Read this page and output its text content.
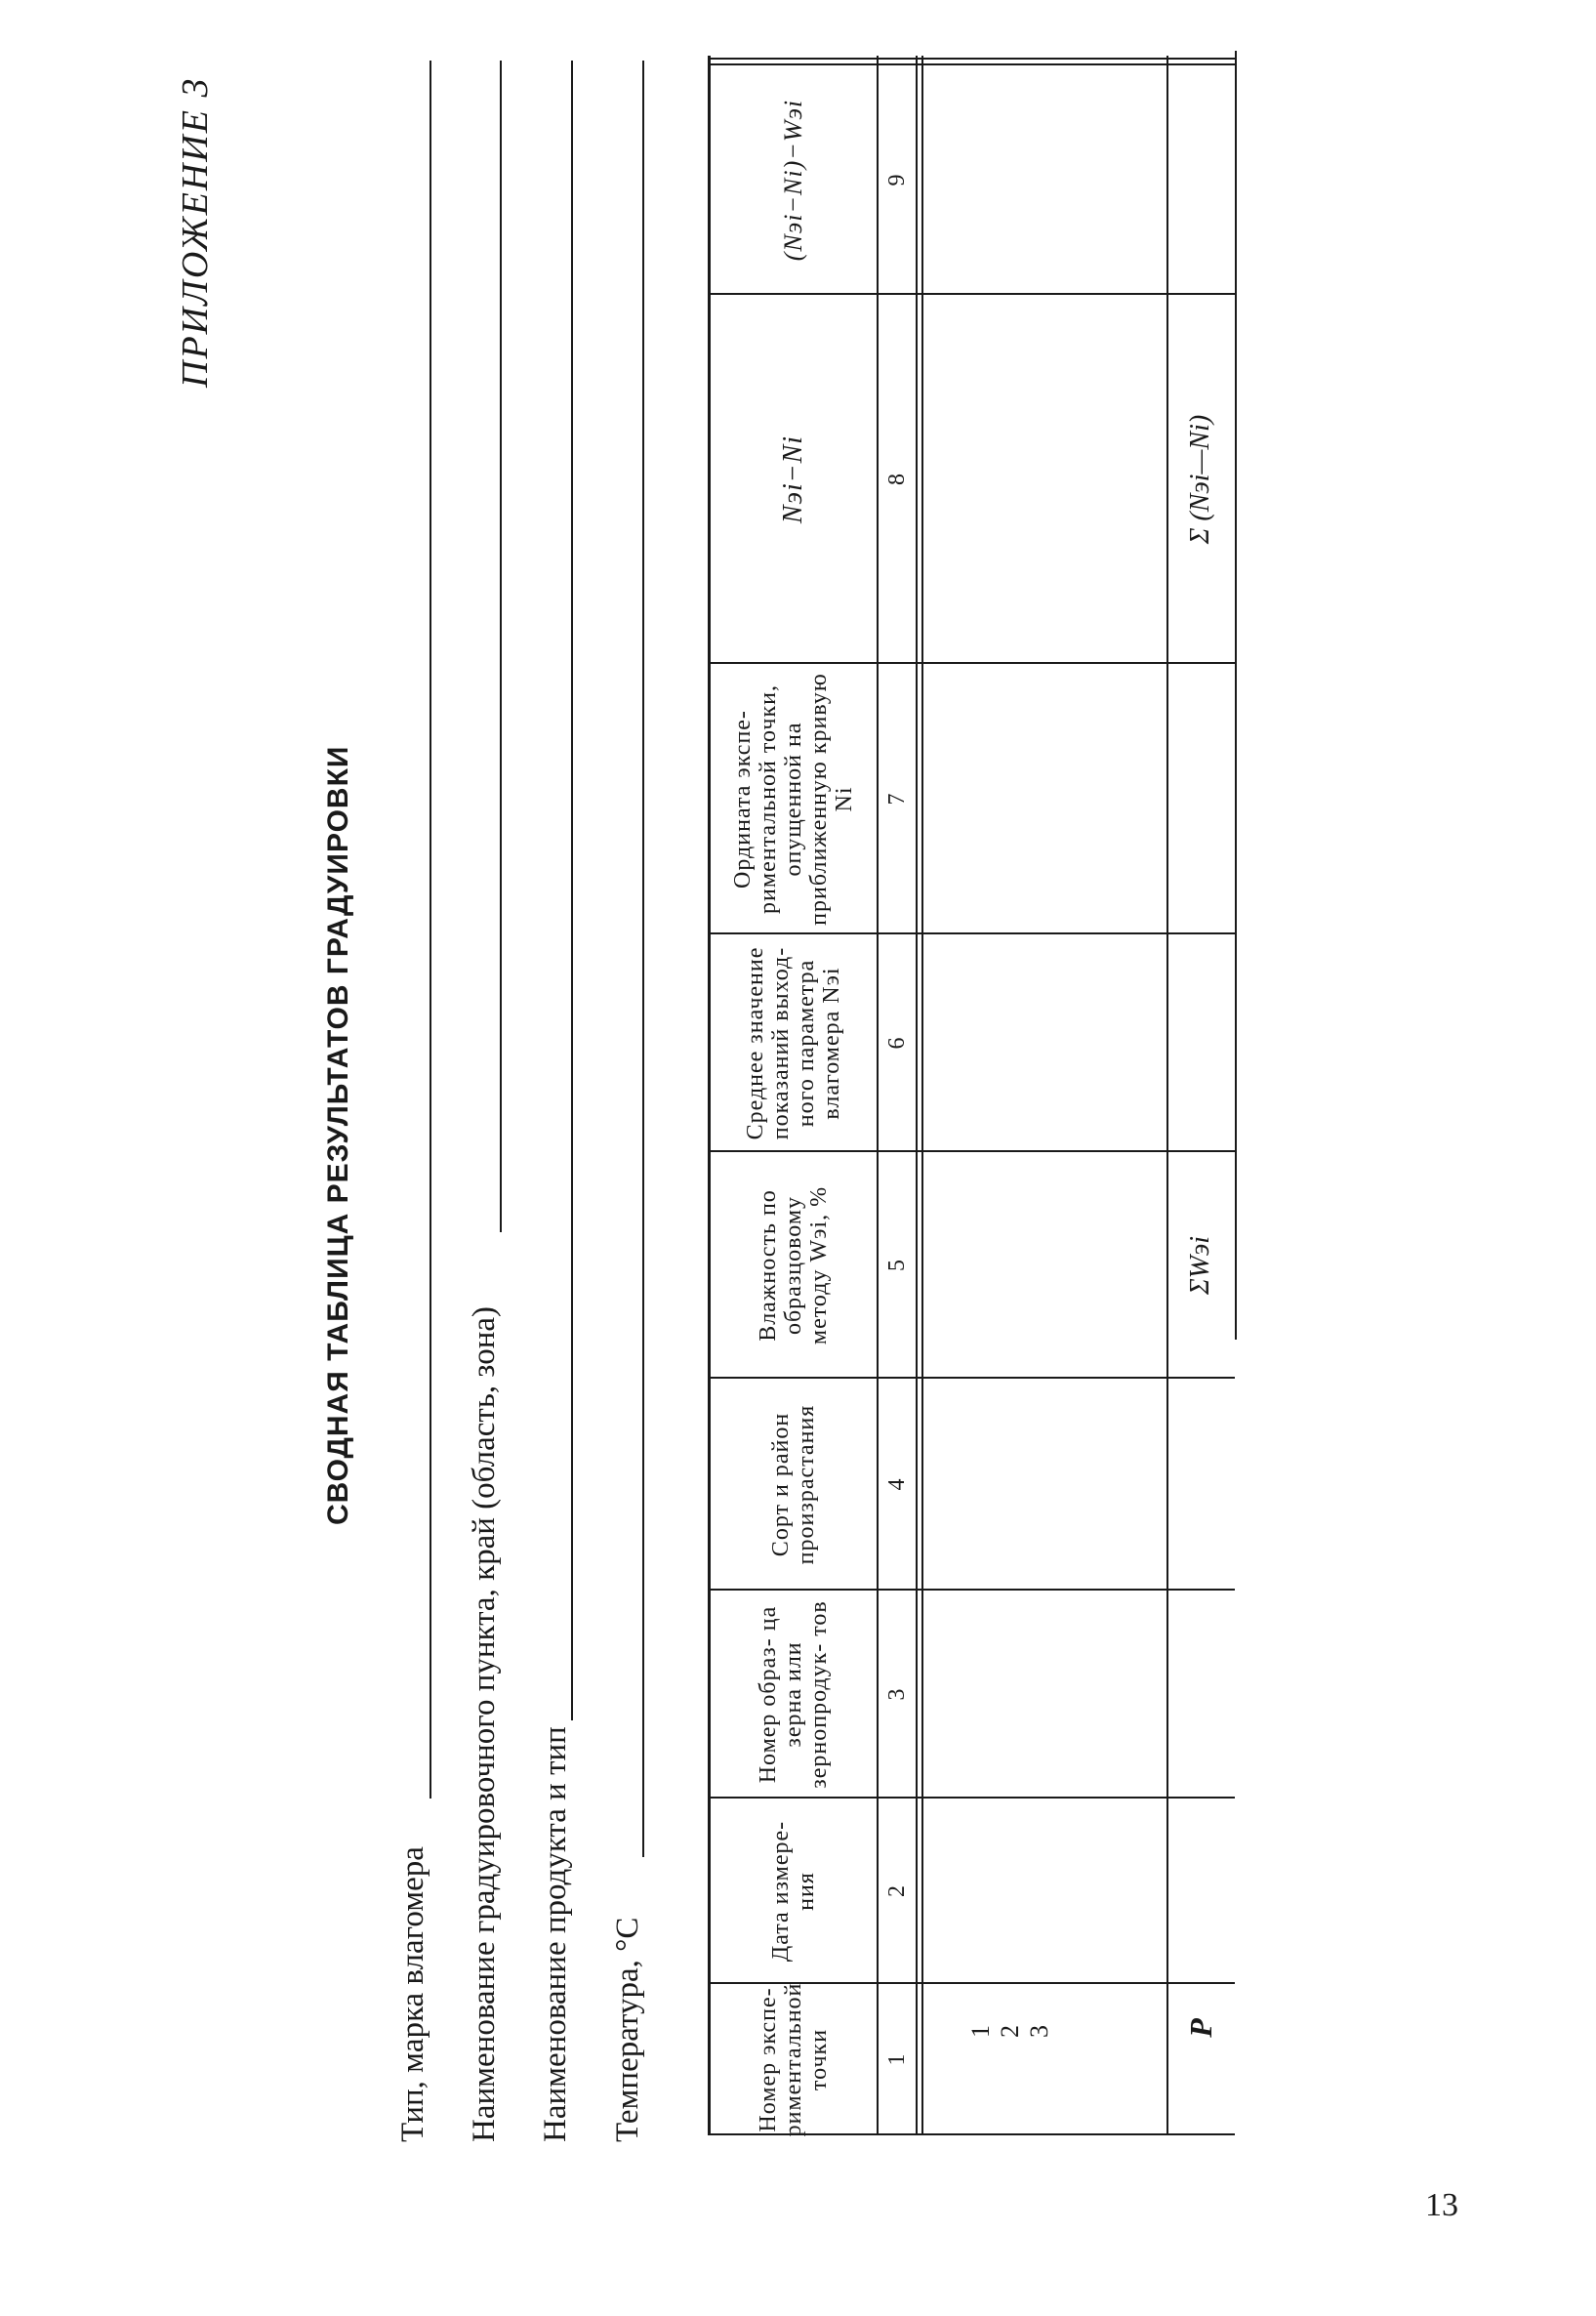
ПРИЛОЖЕНИЕ 3
СВОДНАЯ ТАБЛИЦА РЕЗУЛЬТАТОВ ГРАДУИРОВКИ
Тип, марка влагомера Наименование градуировочного пункта, край (область, зона) Наименование продукта и тип Температура, °С	Номер экспе- риментальной точки
Дата измере- ния
Номер образ- ца зерна или зернопродук- тов
Сорт и район произрастания
Влажность по образцовому методу Wэi, %
Среднее значение показаний выход- ного параметра влагомера Nэi
Ордината экспе- риментальной точки, опущенной на приближенную кривую Ni
Nэi−Ni
(Nэi−Ni)−Wэi
1
2
3
4
5
6
7
8
9
1 2 3	P
ΣWэi
Σ (Nэi—Ni)
13
